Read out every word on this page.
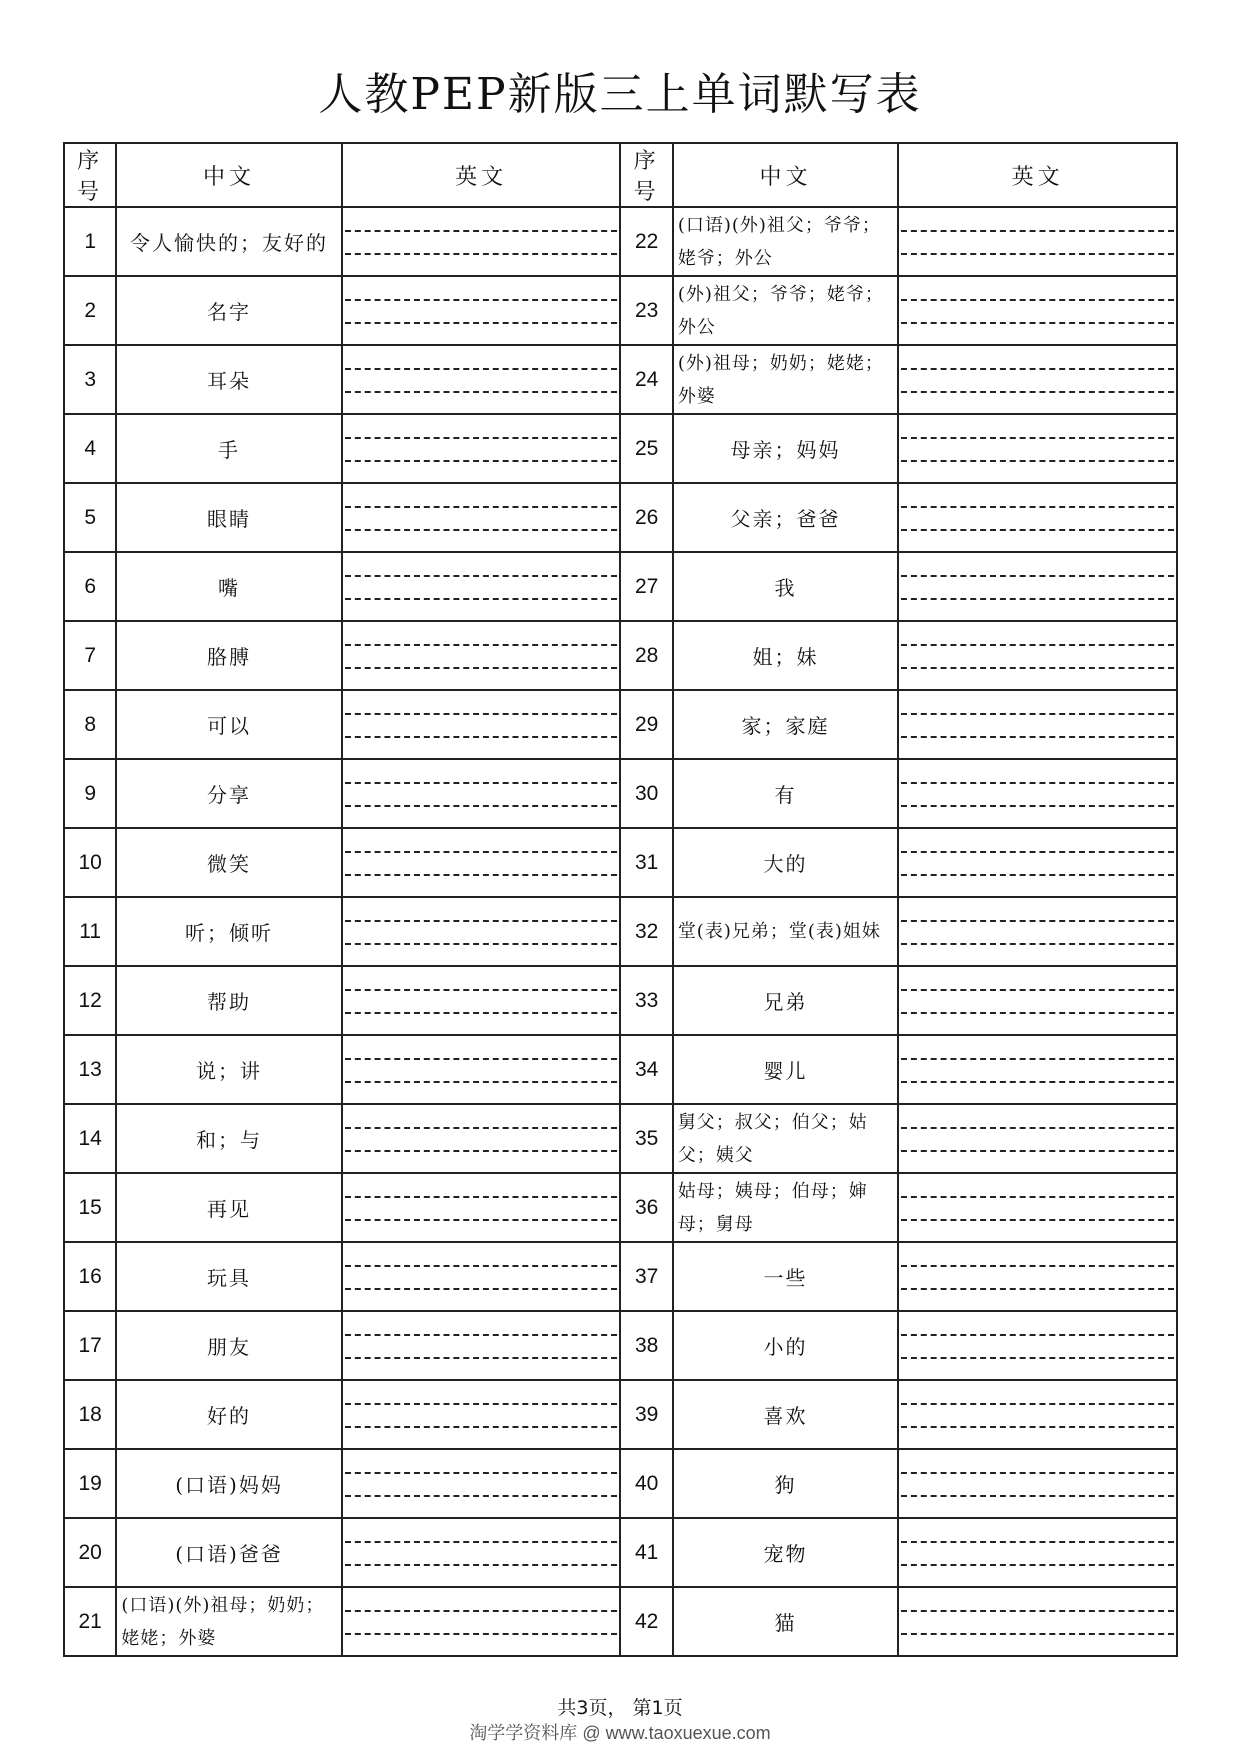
人教PEP新版三上单词默写表
序号	中文	英文	序号	中文	英文
1	令人愉快的；友好的		22	(口语)(外)祖父；爷爷；姥爷；外公	

2	名字		23	(外)祖父；爷爷；姥爷；外公	

3	耳朵		24	(外)祖母；奶奶；姥姥；外婆	

4	手		25	母亲；妈妈	

5	眼睛		26	父亲；爸爸	

6	嘴		27	我	

7	胳膊		28	姐；妹	

8	可以		29	家；家庭	

9	分享		30	有	

10	微笑		31	大的	

11	听；倾听		32	堂(表)兄弟；堂(表)姐妹	

12	帮助		33	兄弟	

13	说；讲		34	婴儿	

14	和；与		35	舅父；叔父；伯父；姑父；姨父	

15	再见		36	姑母；姨母；伯母；婶母；舅母	

16	玩具		37	一些	

17	朋友		38	小的	

18	好的		39	喜欢	

19	(口语)妈妈		40	狗	

20	(口语)爸爸		41	宠物	

21	(口语)(外)祖母；奶奶；姥姥；外婆		42	猫	
共3页， 第1页
淘学学资料库 @ www.taoxuexue.com
